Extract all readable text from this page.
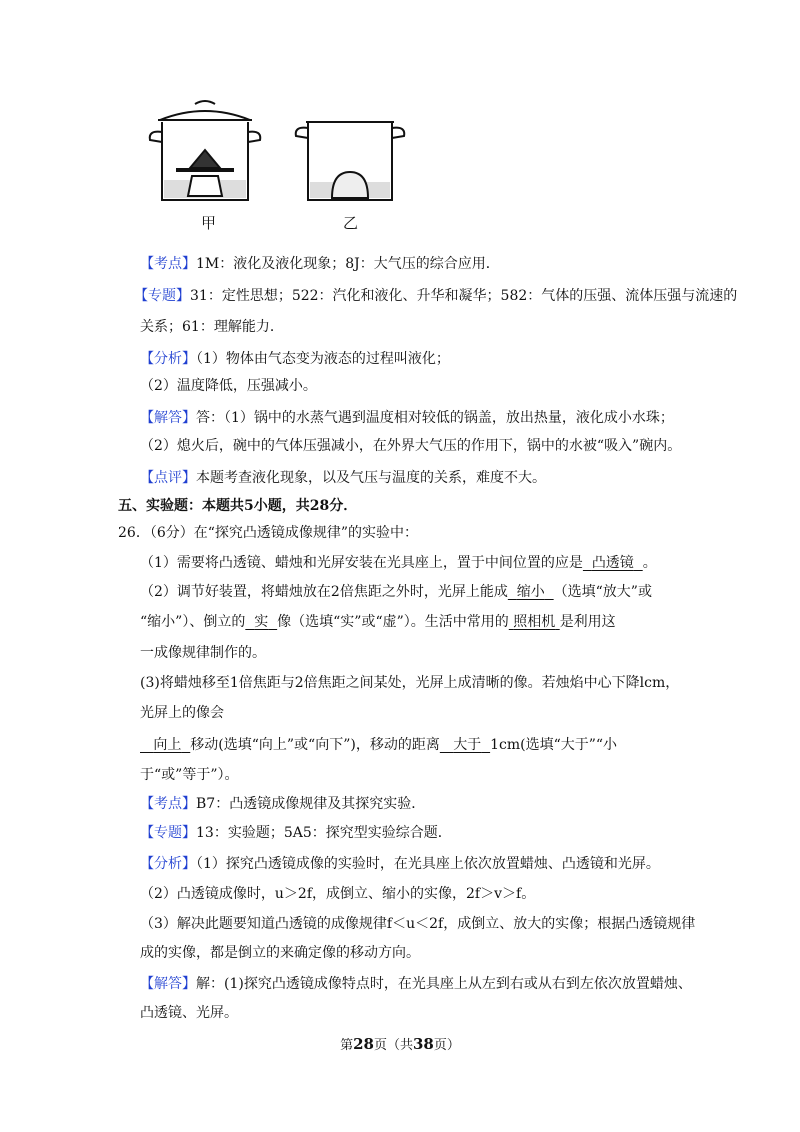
甲	乙
【考点】1M：液化及液化现象；8J：大气压的综合应用．
【专题】31：定性思想；522：汽化和液化、升华和凝华；582：气体的压强、流体压强与流速的
关系；61：理解能力．
【分析】（1）物体由气态变为液态的过程叫液化；
（2）温度降低，压强减小。
【解答】答：（1）锅中的水蒸气遇到温度相对较低的锅盖，放出热量，液化成小水珠；
（2）熄火后，碗中的气体压强减小，在外界大气压的作用下，锅中的水被“吸入”碗内。
【点评】本题考查液化现象，以及气压与温度的关系，难度不大。
五、实验题：本题共5小题，共28分．
26．（6分）在“探究凸透镜成像规律”的实验中：
（1）需要将凸透镜、蜡烛和光屏安装在光具座上，置于中间位置的应是 凸透镜 。
（2）调节好装置，将蜡烛放在2倍焦距之外时，光屏上能成 缩小 （选填“放大”或
“缩小”）、倒立的 实 像（选填“实”或“虚”）。生活中常用的 照相机 是利用这
一成像规律制作的。
(3)将蜡烛移至1倍焦距与2倍焦距之间某处，光屏上成清晰的像。若烛焰中心下降lcm，
光屏上的像会
向上 移动(选填“向上”或“向下”)，移动的距离 大于 1cm(选填“大于”“小
于“或”等于”）。
【考点】B7：凸透镜成像规律及其探究实验．
【专题】13：实验题；5A5：探究型实验综合题．
【分析】（1）探究凸透镜成像的实验时，在光具座上依次放置蜡烛、凸透镜和光屏。
（2）凸透镜成像时，u＞2f，成倒立、缩小的实像，2f＞v＞f。
（3）解决此题要知道凸透镜的成像规律f＜u＜2f，成倒立、放大的实像；根据凸透镜规律
成的实像，都是倒立的来确定像的移动方向。
【解答】解：(1)探究凸透镜成像特点时，在光具座上从左到右或从右到左依次放置蜡烛、
凸透镜、光屏。
第28页（共38页）
